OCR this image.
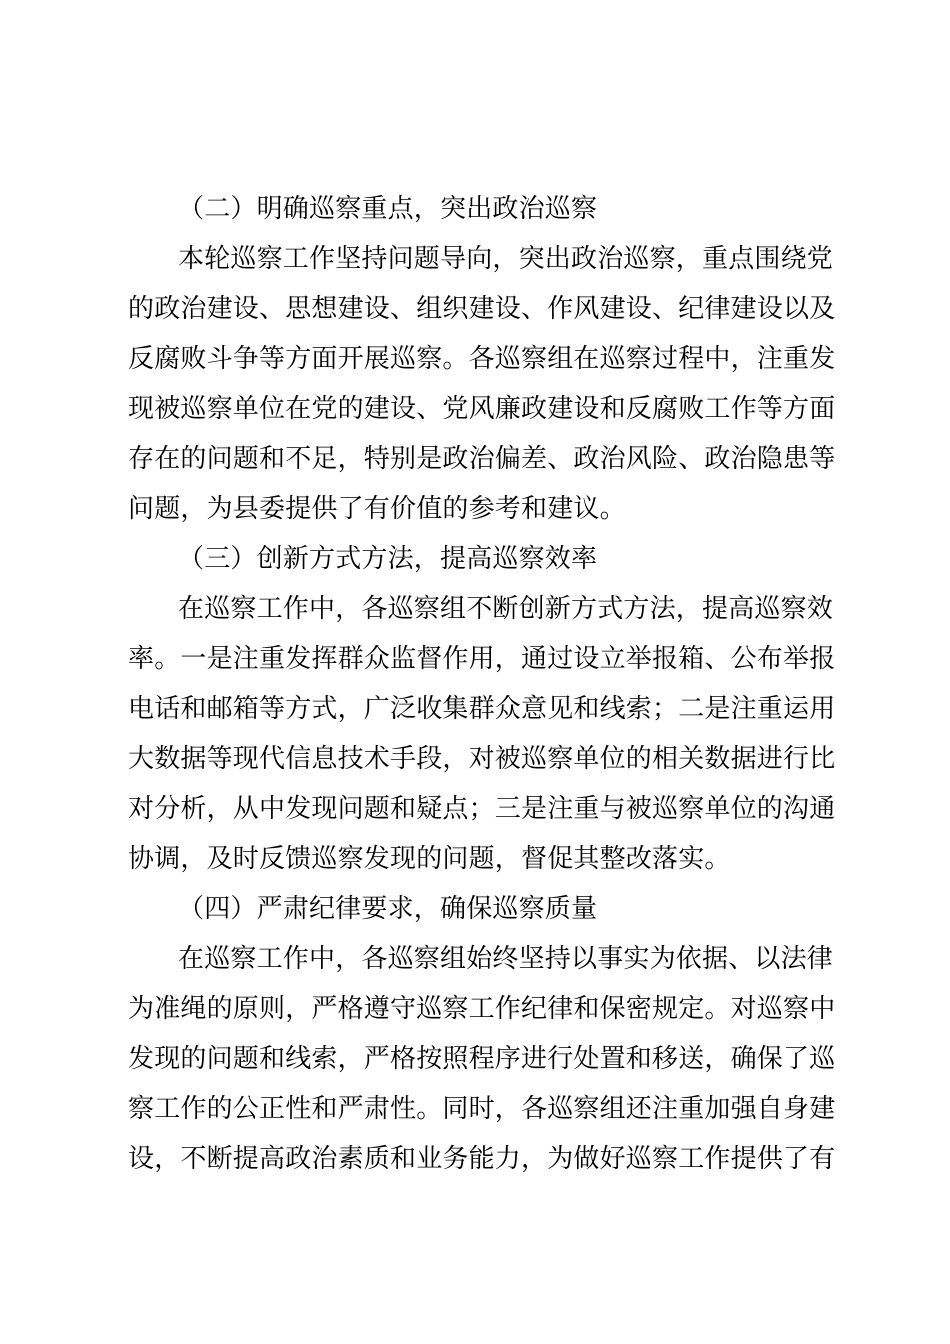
（二）明确巡察重点，突出政治巡察
本轮巡察工作坚持问题导向，突出政治巡察，重点围绕党
的政治建设、思想建设、组织建设、作风建设、纪律建设以及
反腐败斗争等方面开展巡察。各巡察组在巡察过程中，注重发
现被巡察单位在党的建设、党风廉政建设和反腐败工作等方面
存在的问题和不足，特别是政治偏差、政治风险、政治隐患等
问题，为县委提供了有价值的参考和建议。
（三）创新方式方法，提高巡察效率
在巡察工作中，各巡察组不断创新方式方法，提高巡察效
率。一是注重发挥群众监督作用，通过设立举报箱、公布举报
电话和邮箱等方式，广泛收集群众意见和线索；二是注重运用
大数据等现代信息技术手段，对被巡察单位的相关数据进行比
对分析，从中发现问题和疑点；三是注重与被巡察单位的沟通
协调，及时反馈巡察发现的问题，督促其整改落实。
（四）严肃纪律要求，确保巡察质量
在巡察工作中，各巡察组始终坚持以事实为依据、以法律
为准绳的原则，严格遵守巡察工作纪律和保密规定。对巡察中
发现的问题和线索，严格按照程序进行处置和移送，确保了巡
察工作的公正性和严肃性。同时，各巡察组还注重加强自身建
设，不断提高政治素质和业务能力，为做好巡察工作提供了有
